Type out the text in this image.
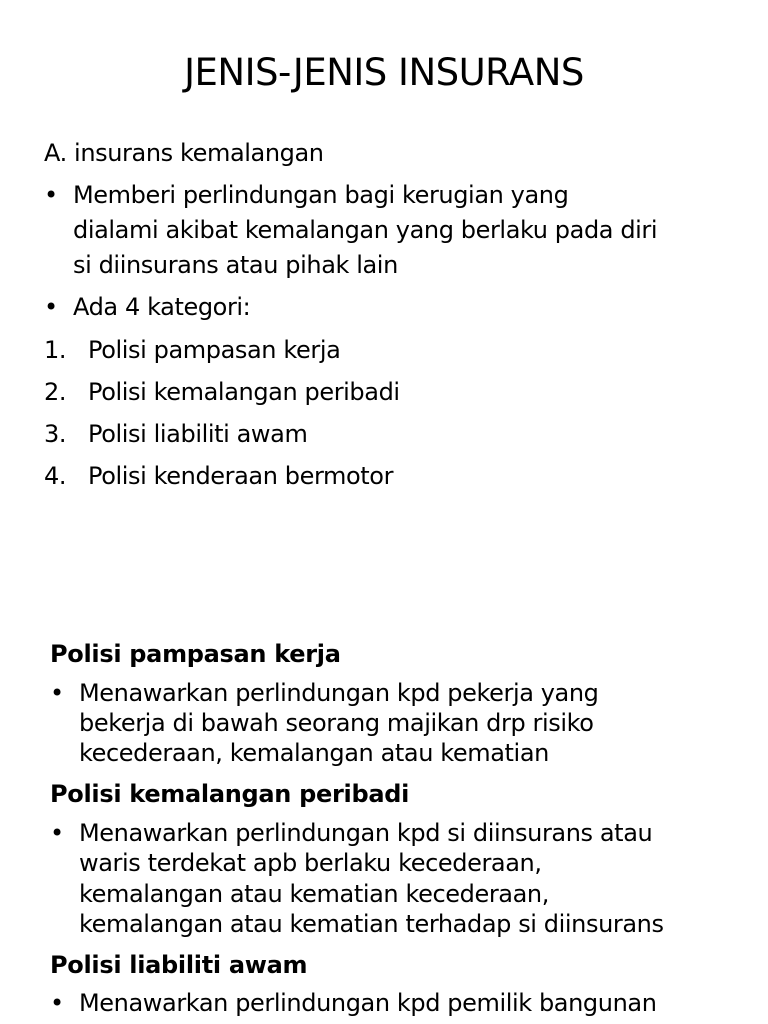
JENIS-JENIS INSURANS

A. insurans kemalangan

• Memberi perlindungan bagi kerugian yang

dialami akibat kemalangan yang berlaku pada diri

si diinsurans atau pihak lain

• Ada 4 kategori:

1. Polisi pampasan kerja

2. Polisi kemalangan peribadi

3. Polisi liabiliti awam

4. Polisi kenderaan bermotor

Polisi pampasan kerja

• Menawarkan perlindungan kpd pekerja yang

bekerja di bawah seorang majikan drp risiko

kecederaan, kemalangan atau kematian

Polisi kemalangan peribadi

• Menawarkan perlindungan kpd si diinsurans atau

waris terdekat apb berlaku kecederaan,

kemalangan atau kematian kecederaan,

kemalangan atau kematian terhadap si diinsurans

Polisi liabiliti awam

• Menawarkan perlindungan kpd pemilik bangunan
